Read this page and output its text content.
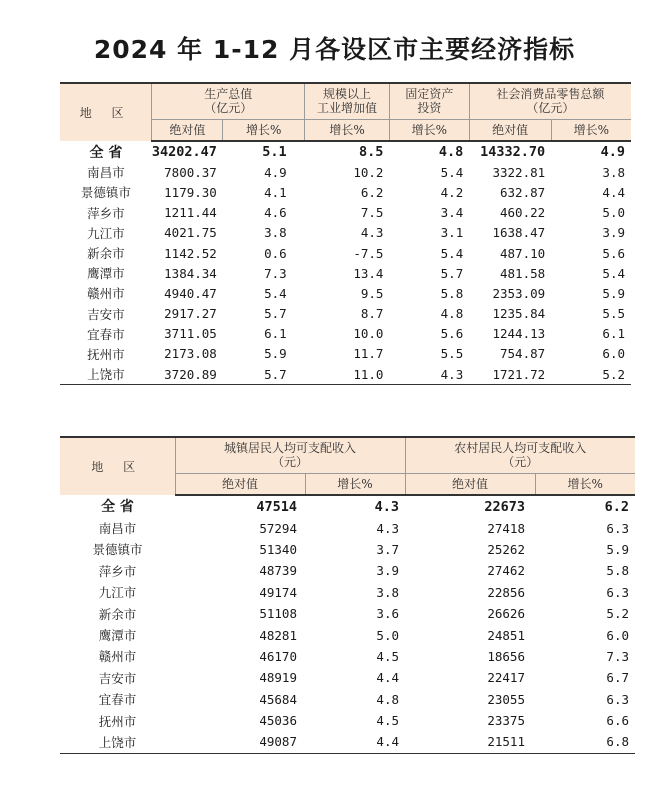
2024 年 1-12 月各设区市主要经济指标
地 区	生产总值
（亿元）		规模以上
工业增加值	固定资产
投资	社会消费品零售总额
（亿元）	
	绝对值	增长%	增长%	增长%	绝对值	增长%
全 省	34202.47	5.1	8.5	4.8	14332.70	4.9
南昌市	7800.37	4.9	10.2	5.4	3322.81	3.8
景德镇市	1179.30	4.1	6.2	4.2	632.87	4.4
萍乡市	1211.44	4.6	7.5	3.4	460.22	5.0
九江市	4021.75	3.8	4.3	3.1	1638.47	3.9
新余市	1142.52	0.6	-7.5	5.4	487.10	5.6
鹰潭市	1384.34	7.3	13.4	5.7	481.58	5.4
赣州市	4940.47	5.4	9.5	5.8	2353.09	5.9
吉安市	2917.27	5.7	8.7	4.8	1235.84	5.5
宜春市	3711.05	6.1	10.0	5.6	1244.13	6.1
抚州市	2173.08	5.9	11.7	5.5	754.87	6.0
上饶市	3720.89	5.7	11.0	4.3	1721.72	5.2
地 区	城镇居民人均可支配收入
（元）		农村居民人均可支配收入
（元）	
	绝对值	增长%	绝对值	增长%
全 省	47514	4.3	22673	6.2
南昌市	57294	4.3	27418	6.3
景德镇市	51340	3.7	25262	5.9
萍乡市	48739	3.9	27462	5.8
九江市	49174	3.8	22856	6.3
新余市	51108	3.6	26626	5.2
鹰潭市	48281	5.0	24851	6.0
赣州市	46170	4.5	18656	7.3
吉安市	48919	4.4	22417	6.7
宜春市	45684	4.8	23055	6.3
抚州市	45036	4.5	23375	6.6
上饶市	49087	4.4	21511	6.8
